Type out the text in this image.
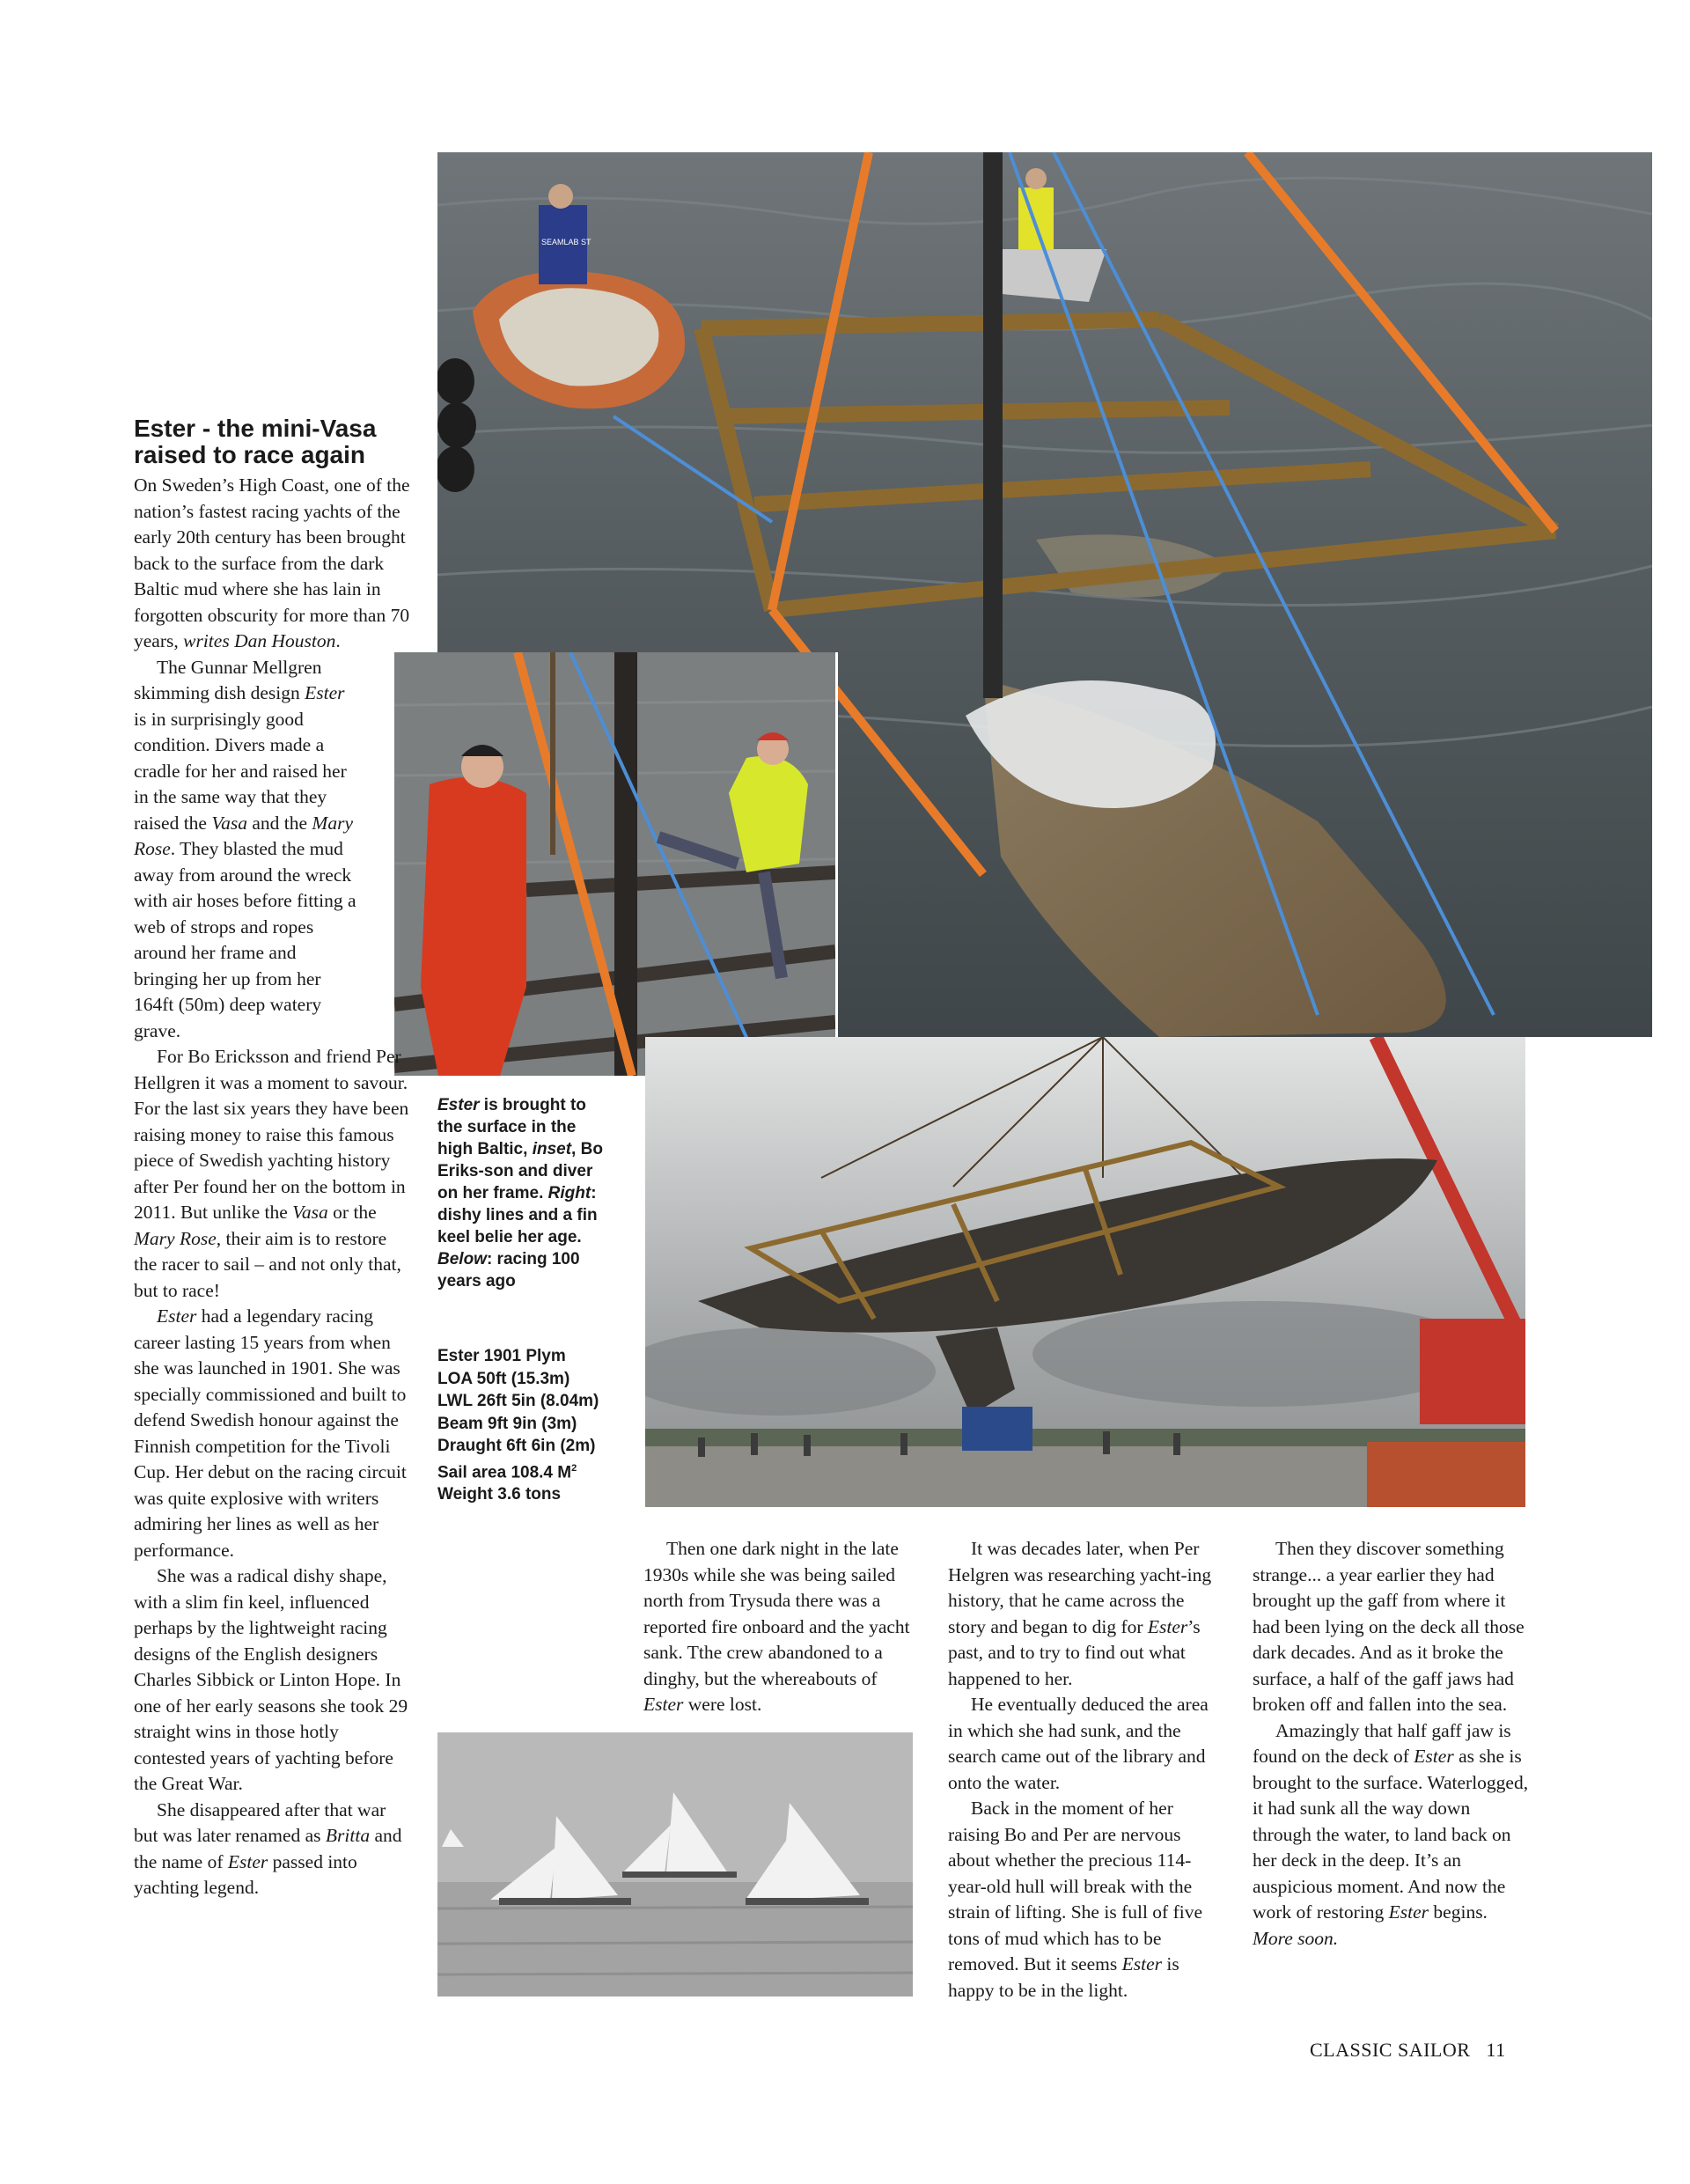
SEAMLAB ST
Ester - the mini-Vasa
raised to race again

On Sweden’s High Coast, one of the nation’s fastest racing yachts of the early 20th century has been brought back to the surface from the dark Baltic mud where she has lain in forgotten obscurity for more than 70 years, writes Dan Houston.

The Gunnar Mellgren skimming dish design Ester is in surprisingly good condition. Divers made a cradle for her and raised her in the same way that they raised the Vasa and the Mary Rose. They blasted the mud away from around the wreck with air hoses before fitting a web of strops and ropes around her frame and bringing her up from her 164ft (50m) deep watery grave.

For Bo Ericksson and friend Per Hellgren it was a moment to savour. For the last six years they have been raising money to raise this famous piece of Swedish yachting history after Per found her on the bottom in 2011. But unlike the Vasa or the Mary Rose, their aim is to restore the racer to sail – and not only that, but to race!

Ester had a legendary racing career lasting 15 years from when she was launched in 1901. She was specially commissioned and built to defend Swedish honour against the Finnish competition for the Tivoli Cup. Her debut on the racing circuit was quite explosive with writers admiring her lines as well as her performance.

She was a radical dishy shape, with a slim fin keel, influenced perhaps by the lightweight racing designs of the English designers Charles Sibbick or Linton Hope. In one of her early seasons she took 29 straight wins in those hotly contested years of yachting before the Great War.

She disappeared after that war but was later renamed as Britta and the name of Ester passed into yachting legend.

Ester is brought to the surface in the high Baltic, inset, Bo Eriks-son and diver on her frame. Right: dishy lines and a fin keel belie her age. Below: racing 100 years ago
Ester 1901 Plym
LOA 50ft (15.3m)
LWL 26ft 5in (8.04m)
Beam 9ft 9in (3m)
Draught 6ft 6in (2m)
Sail area 108.4 $M^2$
Weight 3.6 tons

Then one dark night in the late 1930s while she was being sailed north from Trysuda there was a reported fire onboard and the yacht sank. Tthe crew abandoned to a dinghy, but the whereabouts of Ester were lost.

It was decades later, when Per Helgren was researching yacht-ing history, that he came across the story and began to dig for Ester’s past, and to try to find out what happened to her.

He eventually deduced the area in which she had sunk, and the search came out of the library and onto the water.

Back in the moment of her raising Bo and Per are nervous about whether the precious 114-year-old hull will break with the strain of lifting. She is full of five tons of mud which has to be removed. But it seems Ester is happy to be in the light.

Then they discover something strange... a year earlier they had brought up the gaff from where it had been lying on the deck all those dark decades. And as it broke the surface, a half of the gaff jaws had broken off and fallen into the sea.

Amazingly that half gaff jaw is found on the deck of Ester as she is brought to the surface. Waterlogged, it had sunk all the way down through the water, to land back on her deck in the deep. It’s an auspicious moment. And now the work of restoring Ester begins.

More soon.

CLASSIC SAILOR 11
